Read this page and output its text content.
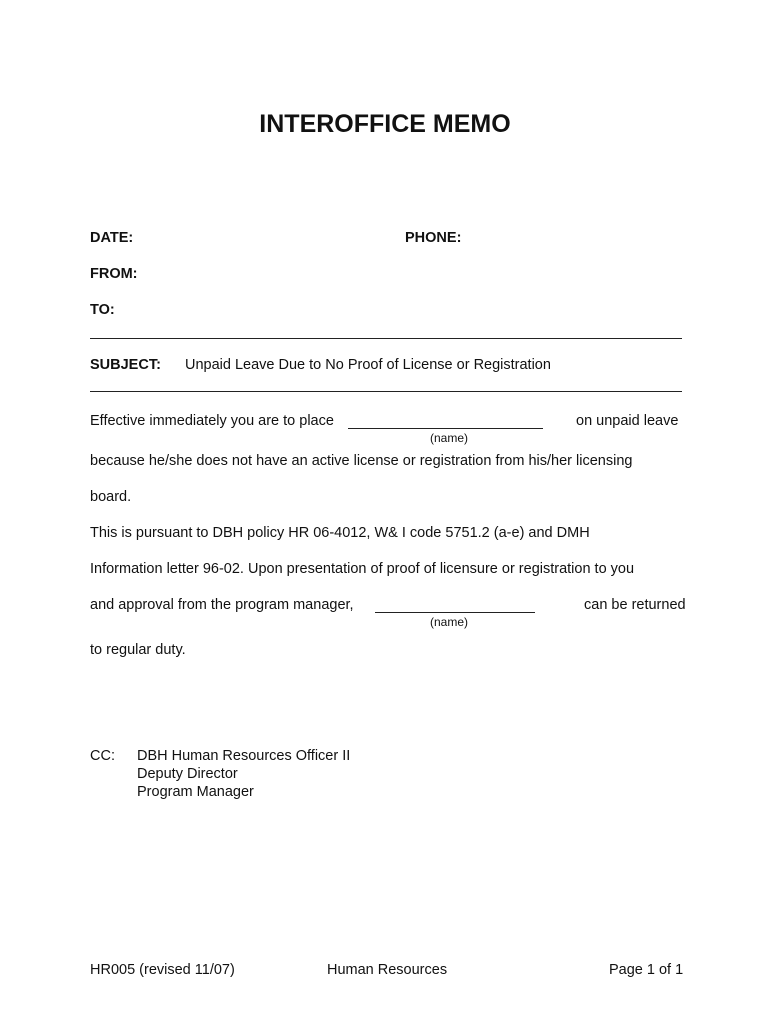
INTEROFFICE MEMO
DATE:	PHONE:
FROM:
TO:
SUBJECT: Unpaid Leave Due to No Proof of License or Registration
Effective immediately you are to place	on unpaid leave
(name)
because he/she does not have an active license or registration from his/her licensing
board.
This is pursuant to DBH policy HR 06-4012, W& I code 5751.2 (a-e) and DMH
Information letter 96-02. Upon presentation of proof of licensure or registration to you
and approval from the program manager,	can be returned
(name)
to regular duty.
CC: DBH Human Resources Officer II
Deputy Director
Program Manager
HR005 (revised 11/07)	Human Resources	Page 1 of 1
